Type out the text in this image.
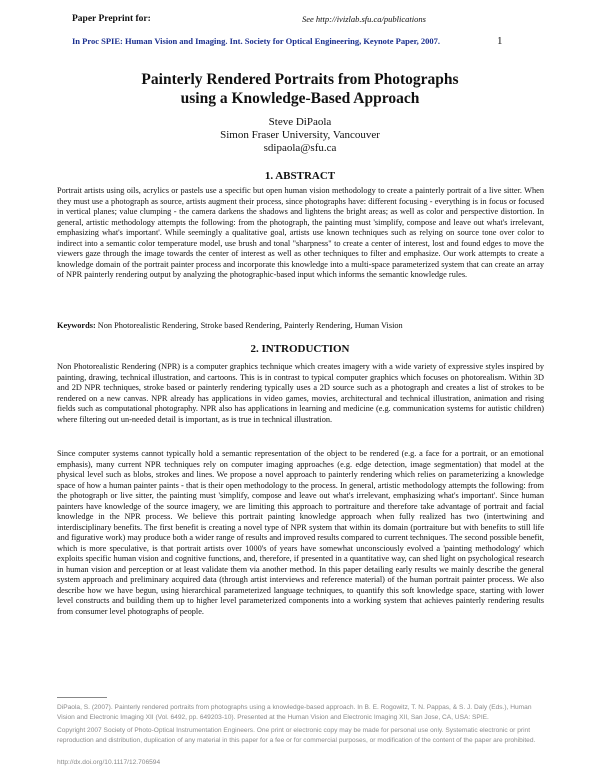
Paper Preprint for:	See http://ivizlab.sfu.ca/publications
In Proc SPIE: Human Vision and Imaging. Int. Society for Optical Engineering, Keynote Paper, 2007.	1
Painterly Rendered Portraits from Photographs
using a Knowledge-Based Approach
Steve DiPaola
Simon Fraser University, Vancouver
sdipaola@sfu.ca
1. ABSTRACT
Portrait artists using oils, acrylics or pastels use a specific but open human vision methodology to create a painterly portrait of a live sitter. When they must use a photograph as source, artists augment their process, since photographs have: different focusing - everything is in focus or focused in vertical planes; value clumping - the camera darkens the shadows and lightens the bright areas; as well as color and perspective distortion. In general, artistic methodology attempts the following: from the photograph, the painting must 'simplify, compose and leave out what's irrelevant, emphasizing what's important'. While seemingly a qualitative goal, artists use known techniques such as relying on source tone over color to indirect into a semantic color temperature model, use brush and tonal "sharpness" to create a center of interest, lost and found edges to move the viewers gaze through the image towards the center of interest as well as other techniques to filter and emphasize. Our work attempts to create a knowledge domain of the portrait painter process and incorporate this knowledge into a multi-space parameterized system that can create an array of NPR painterly rendering output by analyzing the photographic-based input which informs the semantic knowledge rules.
Keywords: Non Photorealistic Rendering, Stroke based Rendering, Painterly Rendering, Human Vision
2. INTRODUCTION
Non Photorealistic Rendering (NPR) is a computer graphics technique which creates imagery with a wide variety of expressive styles inspired by painting, drawing, technical illustration, and cartoons. This is in contrast to typical computer graphics which focuses on photorealism. Within 3D and 2D NPR techniques, stroke based or painterly rendering typically uses a 2D source such as a photograph and creates a list of strokes to be rendered on a new canvas. NPR already has applications in video games, movies, architectural and technical illustration, animation and rising fields such as computational photography. NPR also has applications in learning and medicine (e.g. communication systems for autistic children) where filtering out un-needed detail is important, as is true in technical illustration.
Since computer systems cannot typically hold a semantic representation of the object to be rendered (e.g. a face for a portrait, or an emotional emphasis), many current NPR techniques rely on computer imaging approaches (e.g. edge detection, image segmentation) that model at the physical level such as blobs, strokes and lines. We propose a novel approach to painterly rendering which relies on parameterizing a knowledge space of how a human painter paints - that is their open methodology to the process. In general, artistic methodology attempts the following: from the photograph or live sitter, the painting must 'simplify, compose and leave out what's irrelevant, emphasizing what's important'. Since human painters have knowledge of the source imagery, we are limiting this approach to portraiture and therefore take advantage of portrait and facial knowledge in the NPR process. We believe this portrait painting knowledge approach when fully realized has two (intertwining and interdisciplinary benefits. The first benefit is creating a novel type of NPR system that within its domain (portraiture but with benefits to still life and figurative work) may produce both a wider range of results and improved results compared to current techniques. The second possible benefit, which is more speculative, is that portrait artists over 1000's of years have somewhat unconsciously evolved a 'painting methodology' which exploits specific human vision and cognitive functions, and, therefore, if presented in a quantitative way, can shed light on psychological research in human vision and perception or at least validate them via another method. In this paper detailing early results we mainly describe the general system approach and preliminary acquired data (through artist interviews and reference material) of the human portrait painter process. We also describe how we have begun, using hierarchical parameterized language techniques, to quantify this soft knowledge space, starting with lower level constructs and building them up to higher level parameterized components into a working system that achieves painterly rendering results from consumer level photographs of people.
DiPaola, S. (2007). Painterly rendered portraits from photographs using a knowledge-based approach. In B. E. Rogowitz, T. N. Pappas, & S. J. Daly (Eds.), Human Vision and Electronic Imaging XII (Vol. 6492, pp. 649203-10). Presented at the Human Vision and Electronic Imaging XII, San Jose, CA, USA: SPIE.
Copyright 2007 Society of Photo-Optical Instrumentation Engineers. One print or electronic copy may be made for personal use only. Systematic electronic or print reproduction and distribution, duplication of any material in this paper for a fee or for commercial purposes, or modification of the content of the paper are prohibited.
http://dx.doi.org/10.1117/12.706594
